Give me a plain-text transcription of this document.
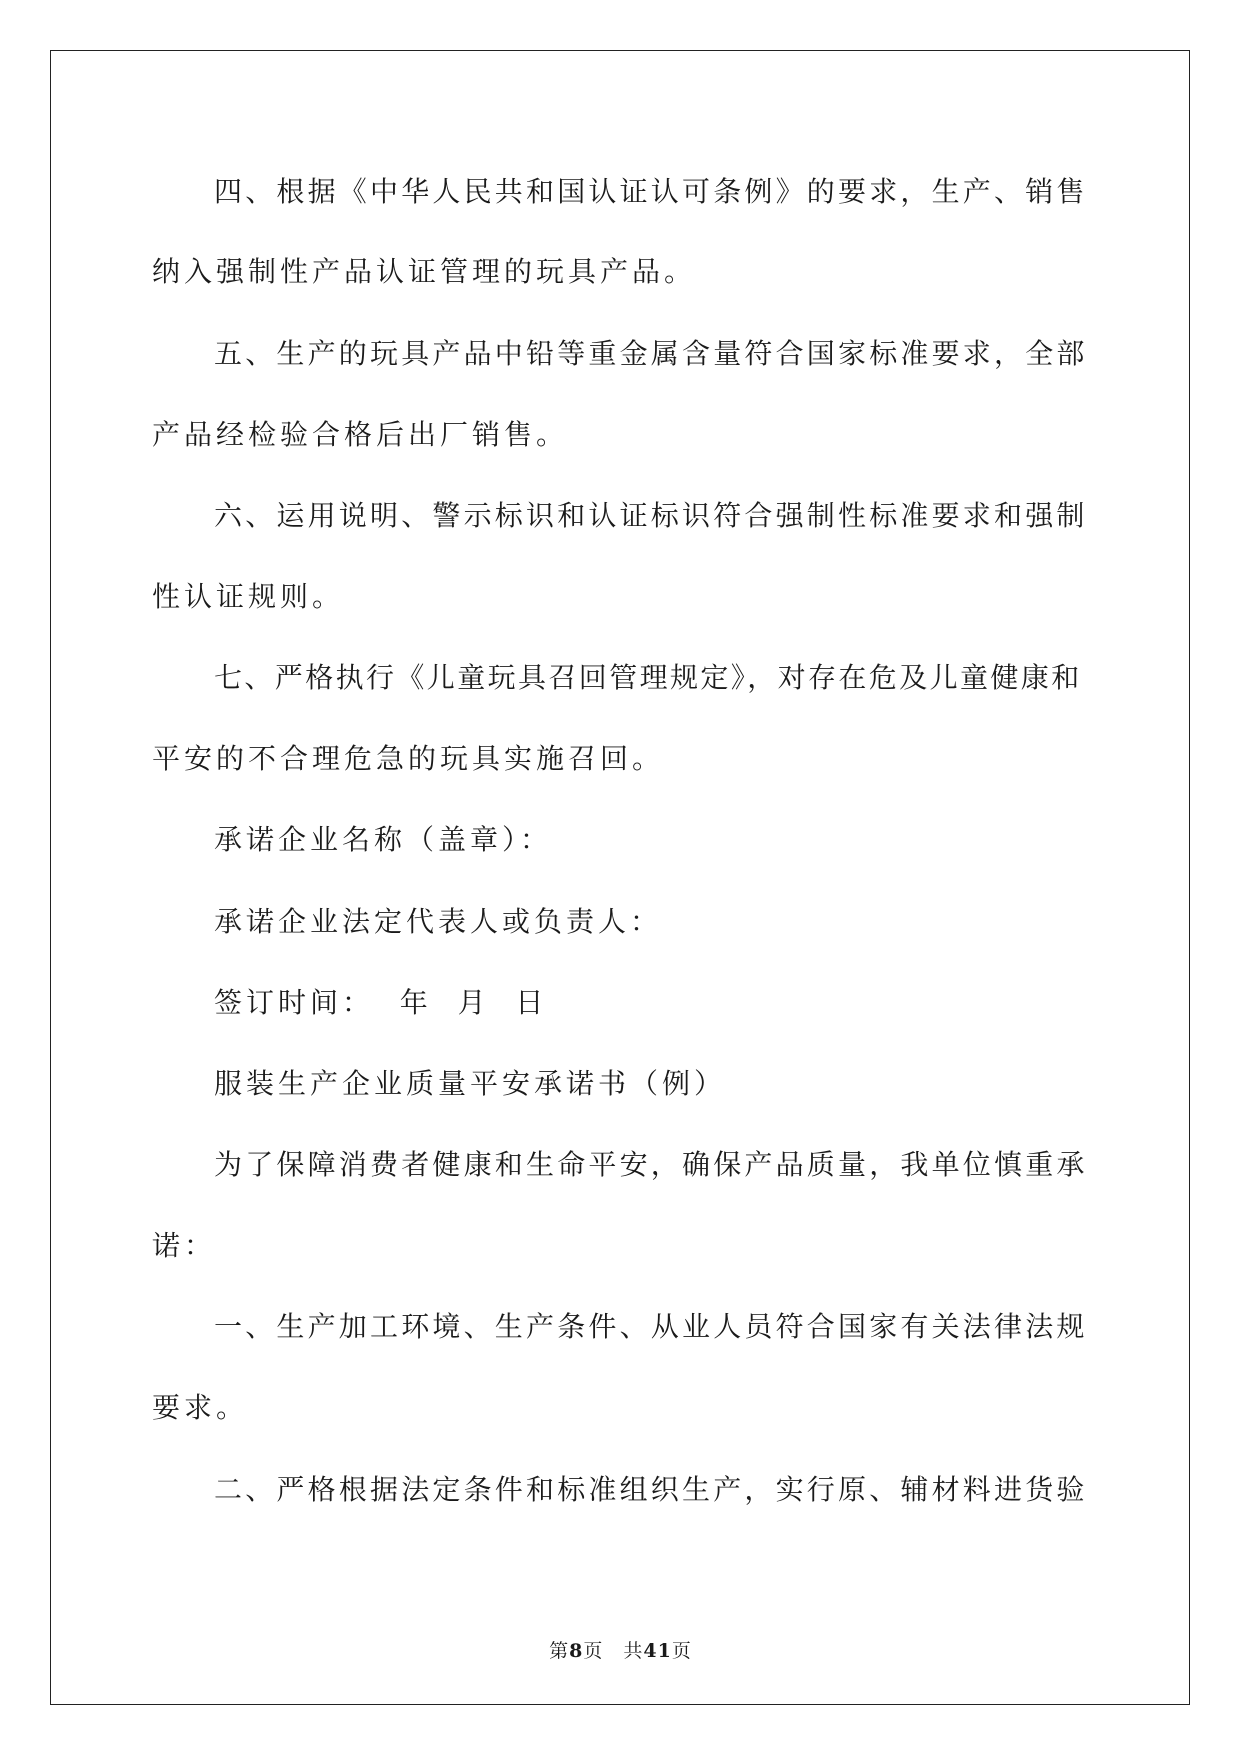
四、根据《中华人民共和国认证认可条例》的要求，生产、销售
纳入强制性产品认证管理的玩具产品。
五、生产的玩具产品中铅等重金属含量符合国家标准要求，全部
产品经检验合格后出厂销售。
六、运用说明、警示标识和认证标识符合强制性标准要求和强制
性认证规则。
七、严格执行《儿童玩具召回管理规定》，对存在危及儿童健康和
平安的不合理危急的玩具实施召回。
承诺企业名称（盖章）：
承诺企业法定代表人或负责人：
签订时间：  年  月  日
服装生产企业质量平安承诺书（例）
为了保障消费者健康和生命平安，确保产品质量，我单位慎重承
诺：
一、生产加工环境、生产条件、从业人员符合国家有关法律法规
要求。
二、严格根据法定条件和标准组织生产，实行原、辅材料进货验
第8页　共41页
